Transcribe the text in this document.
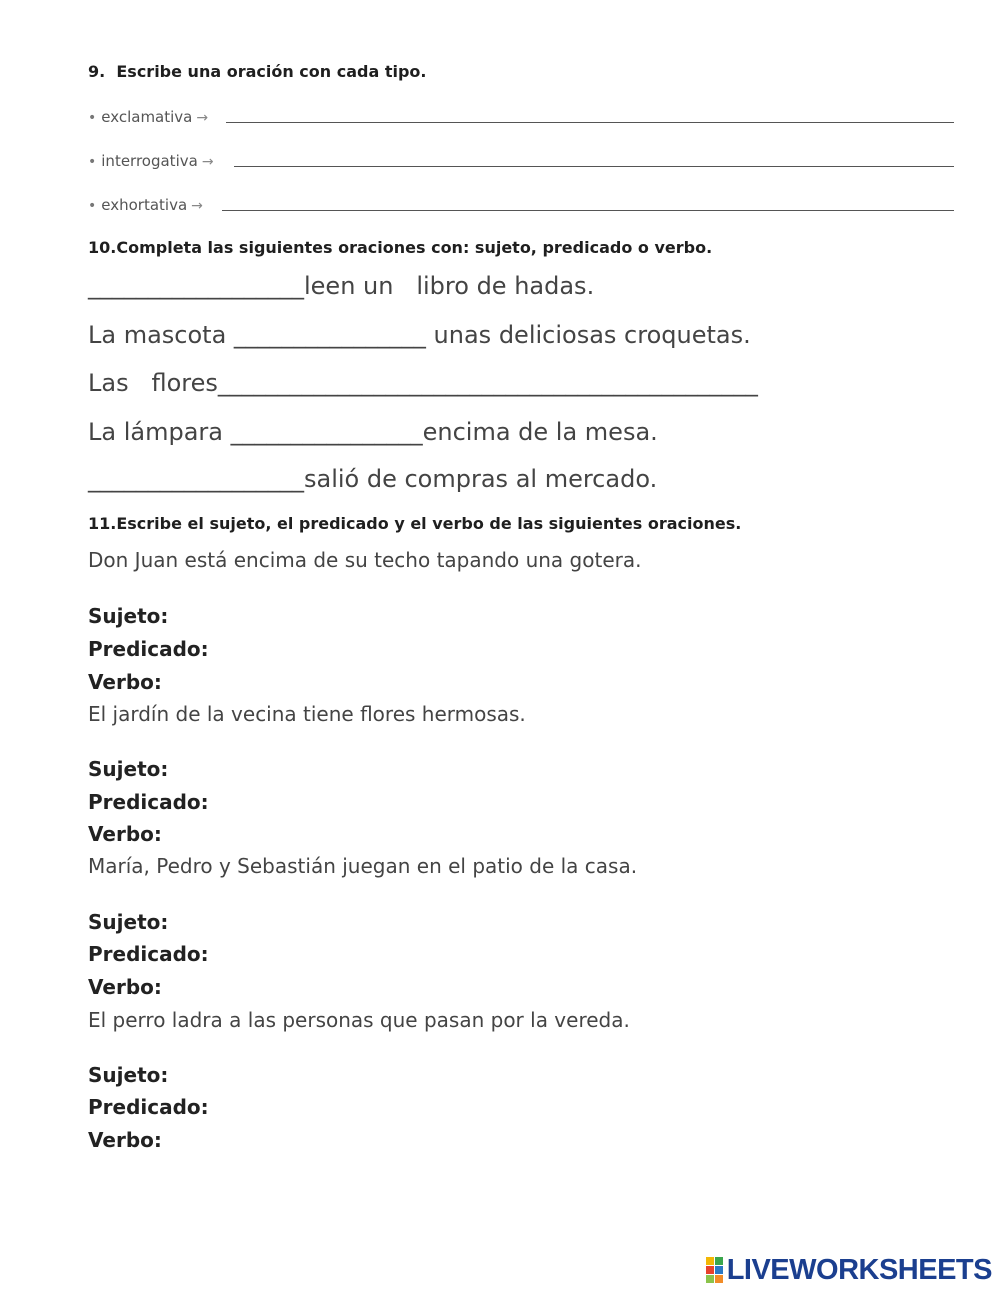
9. Escribe una oración con cada tipo.
• exclamativa →
• interrogativa →
• exhortativa →
10.Completa las siguientes oraciones con: sujeto, predicado o verbo.
__________________leen un   libro de hadas.
La mascota ________________ unas deliciosas croquetas.
Las   flores_____________________________________________
La lámpara ________________encima de la mesa.
__________________salió de compras al mercado.
11.Escribe el sujeto, el predicado y el verbo de las siguientes oraciones.
Don Juan está encima de su techo tapando una gotera.
Sujeto:
Predicado:
Verbo:
El jardín de la vecina tiene flores hermosas.
Sujeto:
Predicado:
Verbo:
María, Pedro y Sebastián juegan en el patio de la casa.
Sujeto:
Predicado:
Verbo:
El perro ladra a las personas que pasan por la vereda.
Sujeto:
Predicado:
Verbo:
LIVEWORKSHEETS
